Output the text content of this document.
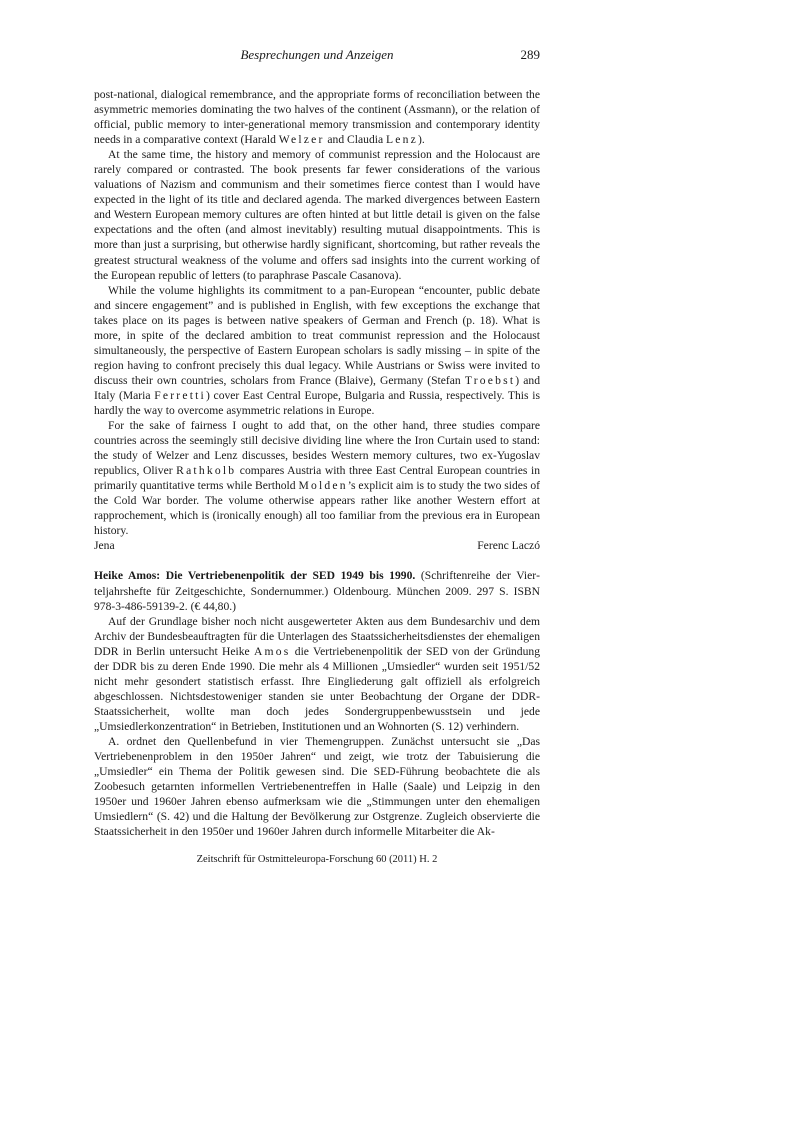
Besprechungen und Anzeigen	289

post-national, dialogical remembrance, and the appropriate forms of reconciliation between the asymmetric memories dominating the two halves of the continent (Assmann), or the relation of official, public memory to inter-generational memory transmission and contemporary identity needs in a comparative context (Harald Welzer and Claudia Lenz).

At the same time, the history and memory of communist repression and the Holocaust are rarely compared or contrasted. The book presents far fewer considerations of the various valuations of Nazism and communism and their sometimes fierce contest than I would have expected in the light of its title and declared agenda. The marked divergences between Eastern and Western European memory cultures are often hinted at but little detail is given on the false expectations and the often (and almost inevitably) resulting mutual disappointments. This is more than just a surprising, but otherwise hardly significant, shortcoming, but rather reveals the greatest structural weakness of the volume and offers sad insights into the current working of the European republic of letters (to paraphrase Pascale Casanova).

While the volume highlights its commitment to a pan-European “encounter, public debate and sincere engagement” and is published in English, with few exceptions the exchange that takes place on its pages is between native speakers of German and French (p. 18). What is more, in spite of the declared ambition to treat communist repression and the Holocaust simultaneously, the perspective of Eastern European scholars is sadly missing – in spite of the region having to confront precisely this dual legacy. While Austrians or Swiss were invited to discuss their own countries, scholars from France (Blaive), Germany (Stefan Troebst) and Italy (Maria Ferretti) cover East Central Europe, Bulgaria and Russia, respectively. This is hardly the way to overcome asymmetric relations in Europe.

For the sake of fairness I ought to add that, on the other hand, three studies compare countries across the seemingly still decisive dividing line where the Iron Curtain used to stand: the study of Welzer and Lenz discusses, besides Western memory cultures, two ex-Yugoslav republics, Oliver Rathkolb compares Austria with three East Central European countries in primarily quantitative terms while Berthold Molden’s explicit aim is to study the two sides of the Cold War border. The volume otherwise appears rather like another Western effort at rapprochement, which is (ironically enough) all too familiar from the previous era in European history.

Jena	Ferenc Laczó

Heike Amos: Die Vertriebenenpolitik der SED 1949 bis 1990. (Schriftenreihe der Vierteljahrshefte für Zeitgeschichte, Sondernummer.) Oldenbourg. München 2009. 297 S. ISBN 978-3-486-59139-2. (€ 44,80.)

Auf der Grundlage bisher noch nicht ausgewerteter Akten aus dem Bundesarchiv und dem Archiv der Bundesbeauftragten für die Unterlagen des Staatssicherheitsdienstes der ehemaligen DDR in Berlin untersucht Heike Amos die Vertriebenenpolitik der SED von der Gründung der DDR bis zu deren Ende 1990. Die mehr als 4 Millionen „Umsiedler“ wurden seit 1951/52 nicht mehr gesondert statistisch erfasst. Ihre Eingliederung galt offiziell als erfolgreich abgeschlossen. Nichtsdestoweniger standen sie unter Beobachtung der Organe der DDR-Staatssicherheit, wollte man doch jedes Sondergruppenbewusstsein und jede „Umsiedlerkonzentration“ in Betrieben, Institutionen und an Wohnorten (S. 12) verhindern.

A. ordnet den Quellenbefund in vier Themengruppen. Zunächst untersucht sie „Das Vertriebenenproblem in den 1950er Jahren“ und zeigt, wie trotz der Tabuisierung die „Umsiedler“ ein Thema der Politik gewesen sind. Die SED-Führung beobachtete die als Zoobesuch getarnten informellen Vertriebenentreffen in Halle (Saale) und Leipzig in den 1950er und 1960er Jahren ebenso aufmerksam wie die „Stimmungen unter den ehemaligen Umsiedlern“ (S. 42) und die Haltung der Bevölkerung zur Ostgrenze. Zugleich observierte die Staatssicherheit in den 1950er und 1960er Jahren durch informelle Mitarbeiter die Ak-

Zeitschrift für Ostmitteleuropa-Forschung 60 (2011) H. 2
